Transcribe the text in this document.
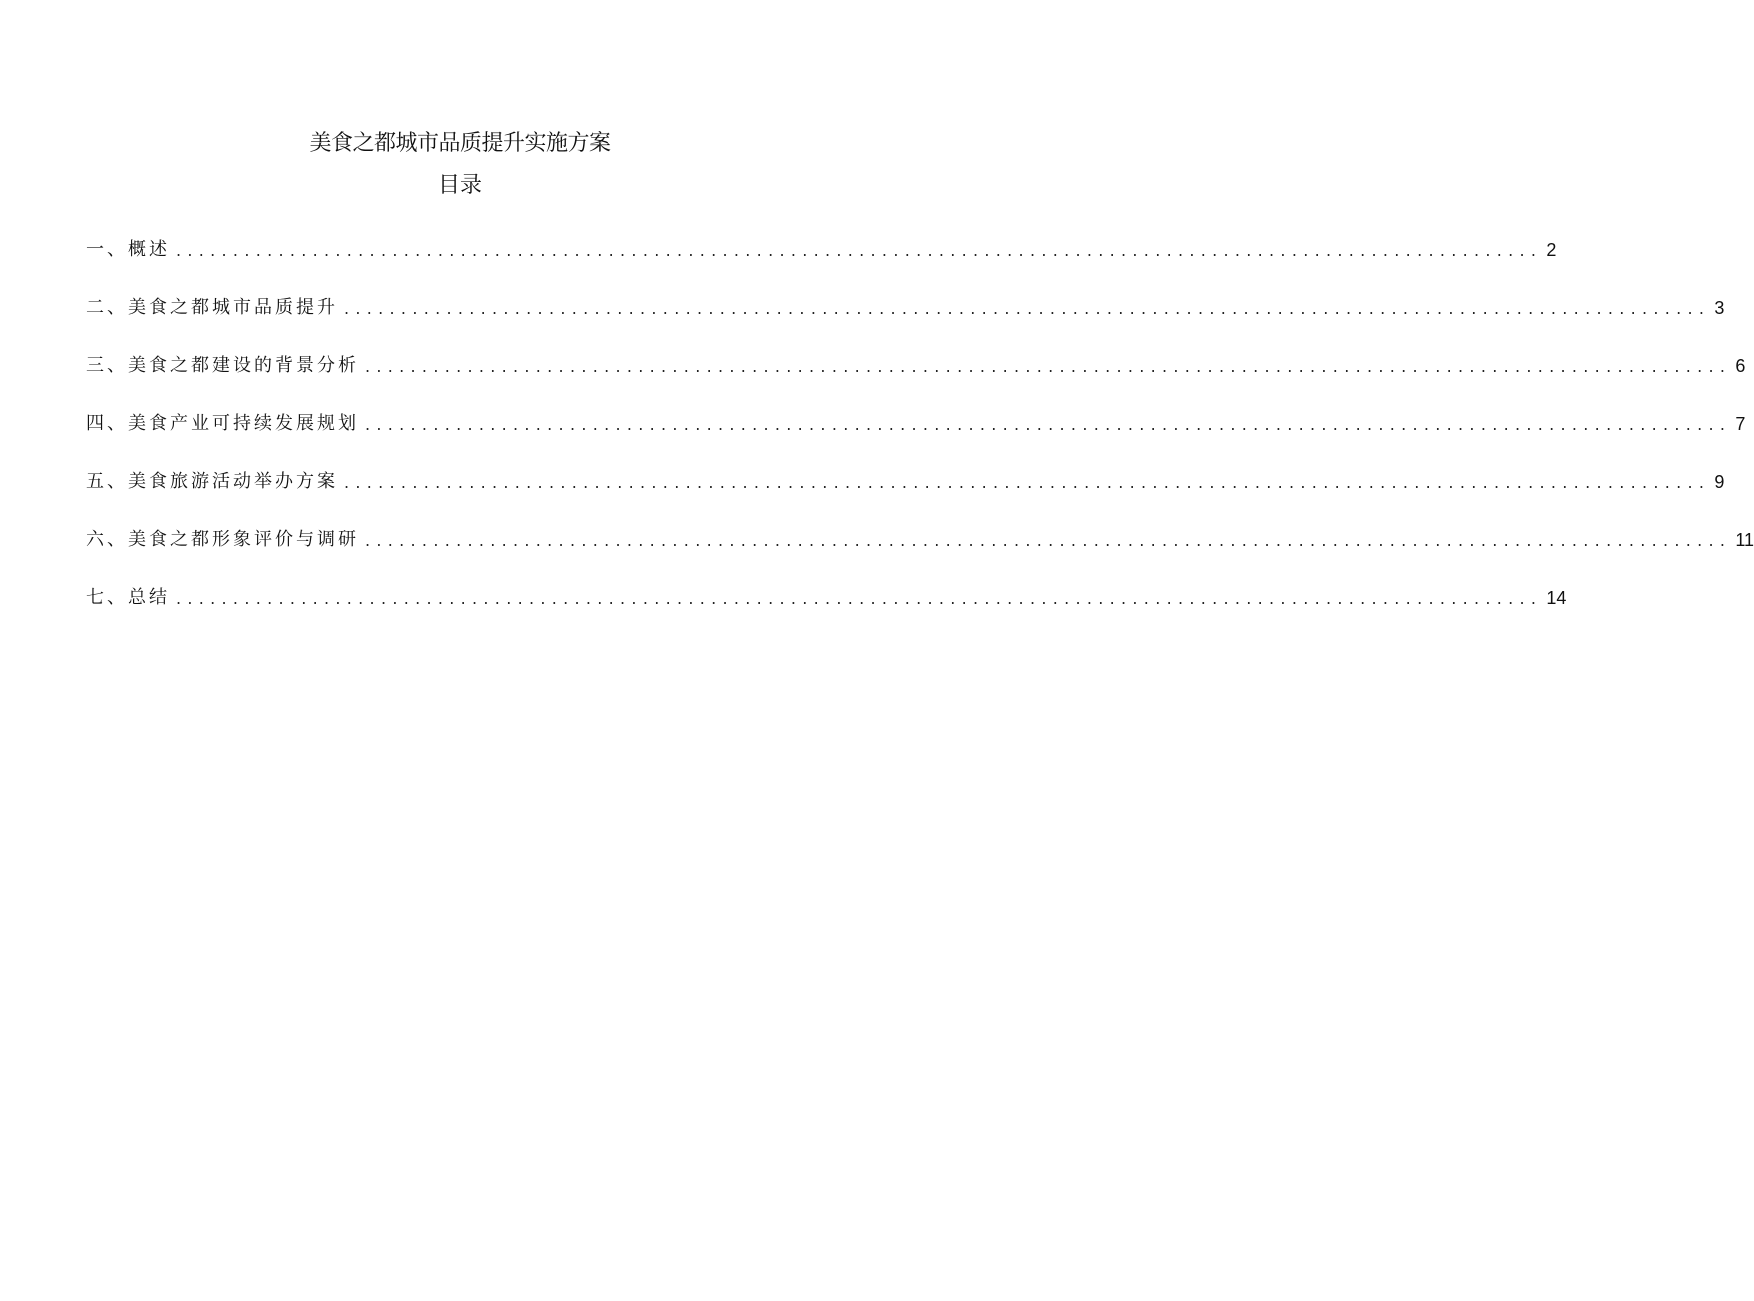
美食之都城市品质提升实施方案
目录
一、概述 ........................................................................................................................ 2
二、美食之都城市品质提升 ........................................................................................................................ 3
三、美食之都建设的背景分析 ........................................................................................................................ 6
四、美食产业可持续发展规划 ........................................................................................................................ 7
五、美食旅游活动举办方案 ........................................................................................................................ 9
六、美食之都形象评价与调研 ........................................................................................................................ 11
七、总结 ........................................................................................................................ 14
